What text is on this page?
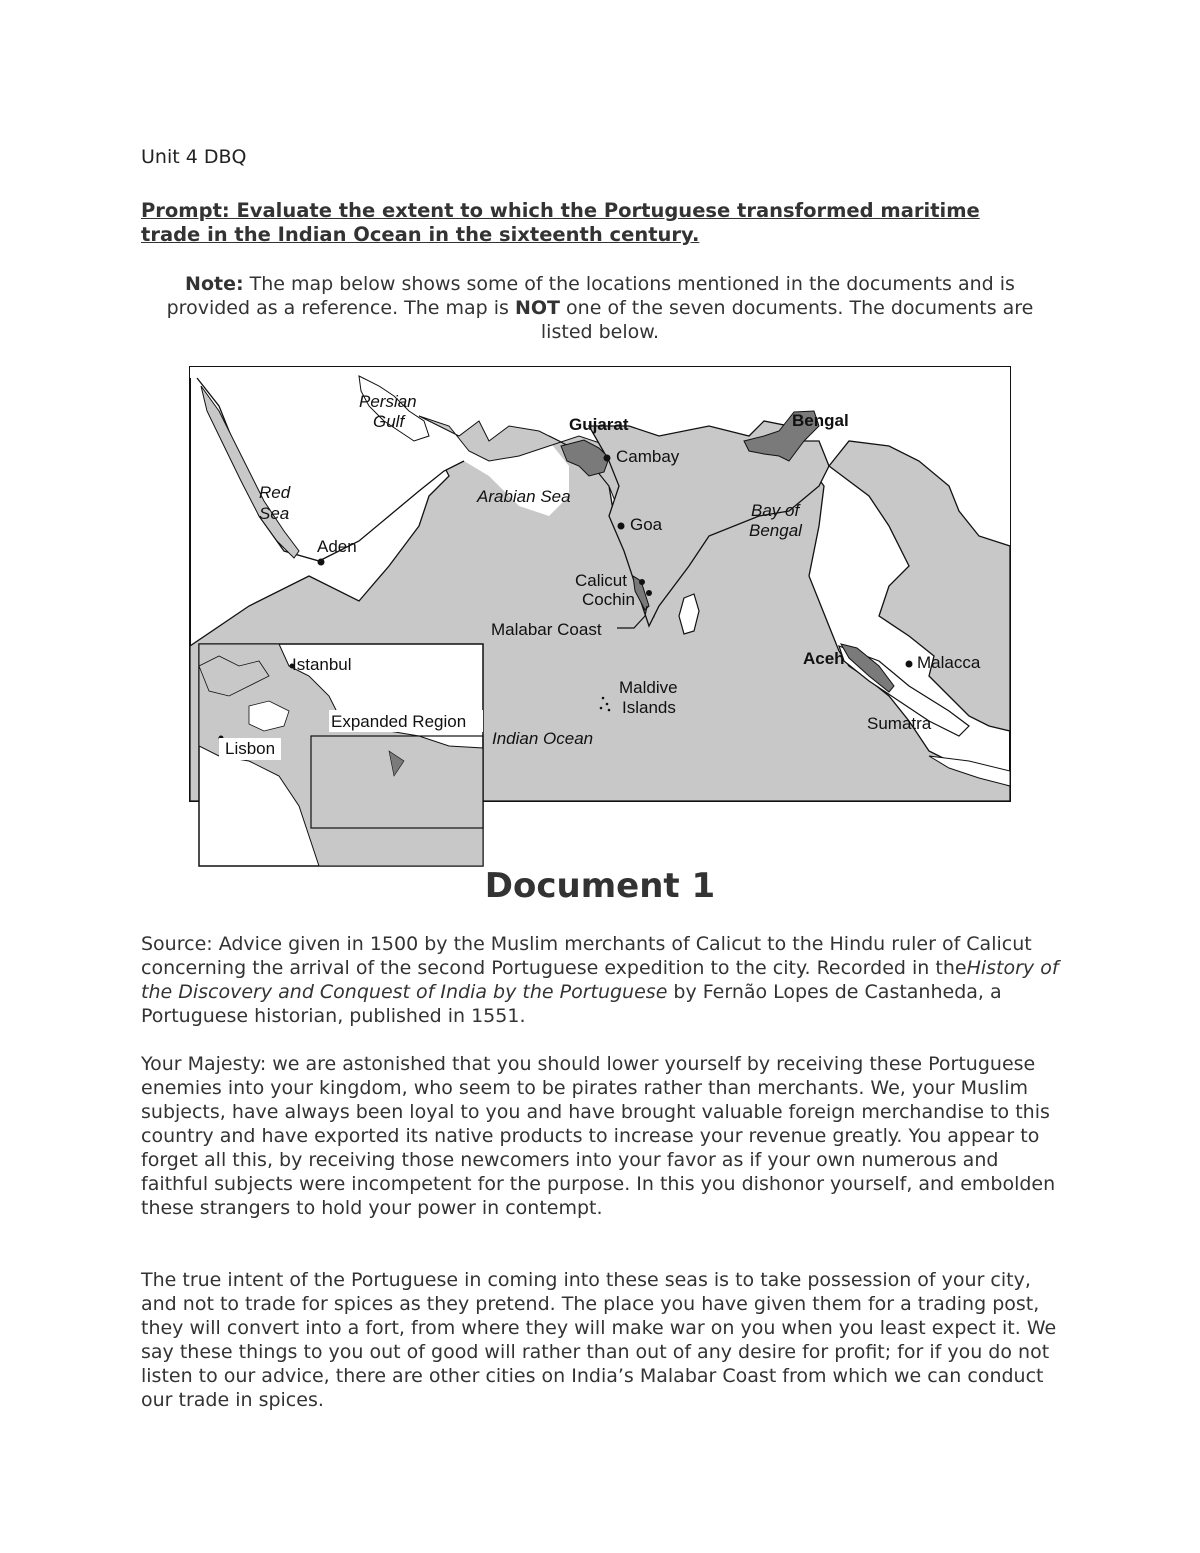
Unit 4 DBQ
Prompt: Evaluate the extent to which the Portuguese transformed maritime trade in the Indian Ocean in the sixteenth century.
Note: The map below shows some of the locations mentioned in the documents and is provided as a reference. The map is NOT one of the seven documents. The documents are listed below.
Persian
Gulf
Red
Sea
Aden
Arabian Sea
Gujarat
Cambay
Goa
Calicut
Cochin
Malabar Coast
Bengal
Bay of
Bengal
Aceh	Malacca
Sumatra
Maldive
Islands
Indian Ocean
Istanbul
Expanded Region
Lisbon
Document 1
Source: Advice given in 1500 by the Muslim merchants of Calicut to the Hindu ruler of Calicut concerning the arrival of the second Portuguese expedition to the city. Recorded in theHistory of the Discovery and Conquest of India by the Portuguese by Fernão Lopes de Castanheda, a Portuguese historian, published in 1551.
Your Majesty: we are astonished that you should lower yourself by receiving these Portuguese enemies into your kingdom, who seem to be pirates rather than merchants. We, your Muslim subjects, have always been loyal to you and have brought valuable foreign merchandise to this country and have exported its native products to increase your revenue greatly. You appear to forget all this, by receiving those newcomers into your favor as if your own numerous and faithful subjects were incompetent for the purpose. In this you dishonor yourself, and embolden these strangers to hold your power in contempt.
The true intent of the Portuguese in coming into these seas is to take possession of your city, and not to trade for spices as they pretend. The place you have given them for a trading post, they will convert into a fort, from where they will make war on you when you least expect it. We say these things to you out of good will rather than out of any desire for profit; for if you do not listen to our advice, there are other cities on India’s Malabar Coast from which we can conduct our trade in spices.
